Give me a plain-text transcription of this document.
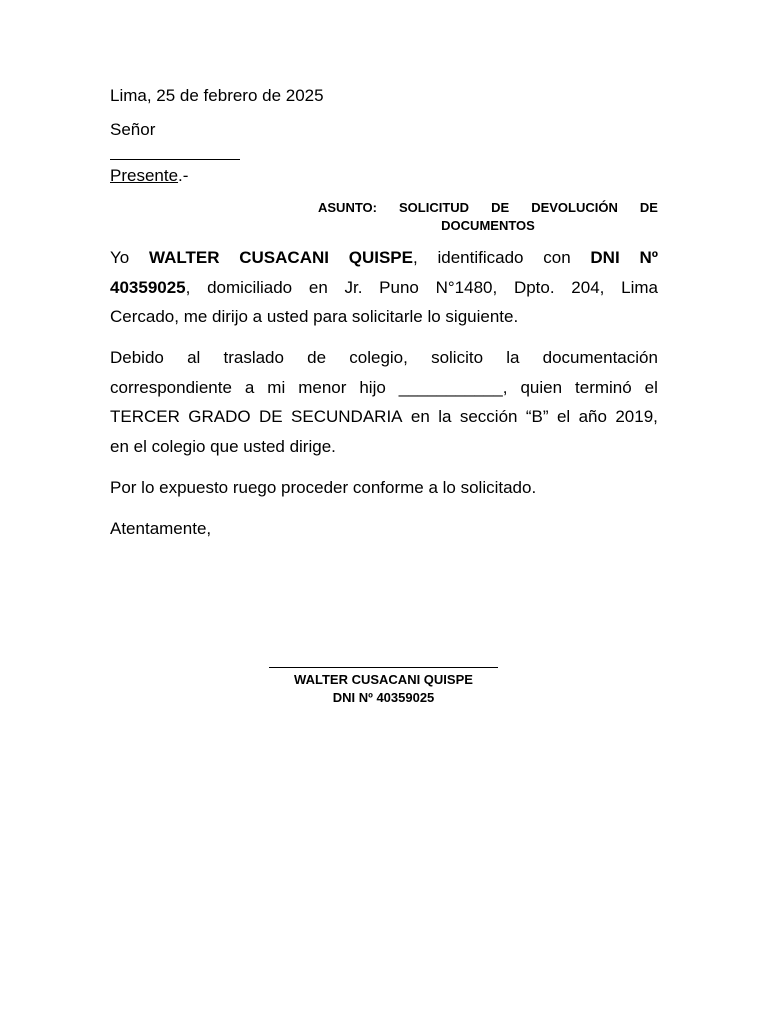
Lima, 25 de febrero de 2025
Señor
Presente.-
ASUNTO: SOLICITUD DE DEVOLUCIÓN DE
DOCUMENTOS
Yo WALTER CUSACANI QUISPE, identificado con DNI Nº
40359025, domiciliado en Jr. Puno N°1480, Dpto. 204, Lima
Cercado, me dirijo a usted para solicitarle lo siguiente.
Debido al traslado de colegio, solicito la documentación
correspondiente a mi menor hijo ___________, quien terminó el
TERCER GRADO DE SECUNDARIA en la sección “B” el año 2019,
en el colegio que usted dirige.
Por lo expuesto ruego proceder conforme a lo solicitado.
Atentamente,
WALTER CUSACANI QUISPE
DNI Nº 40359025
